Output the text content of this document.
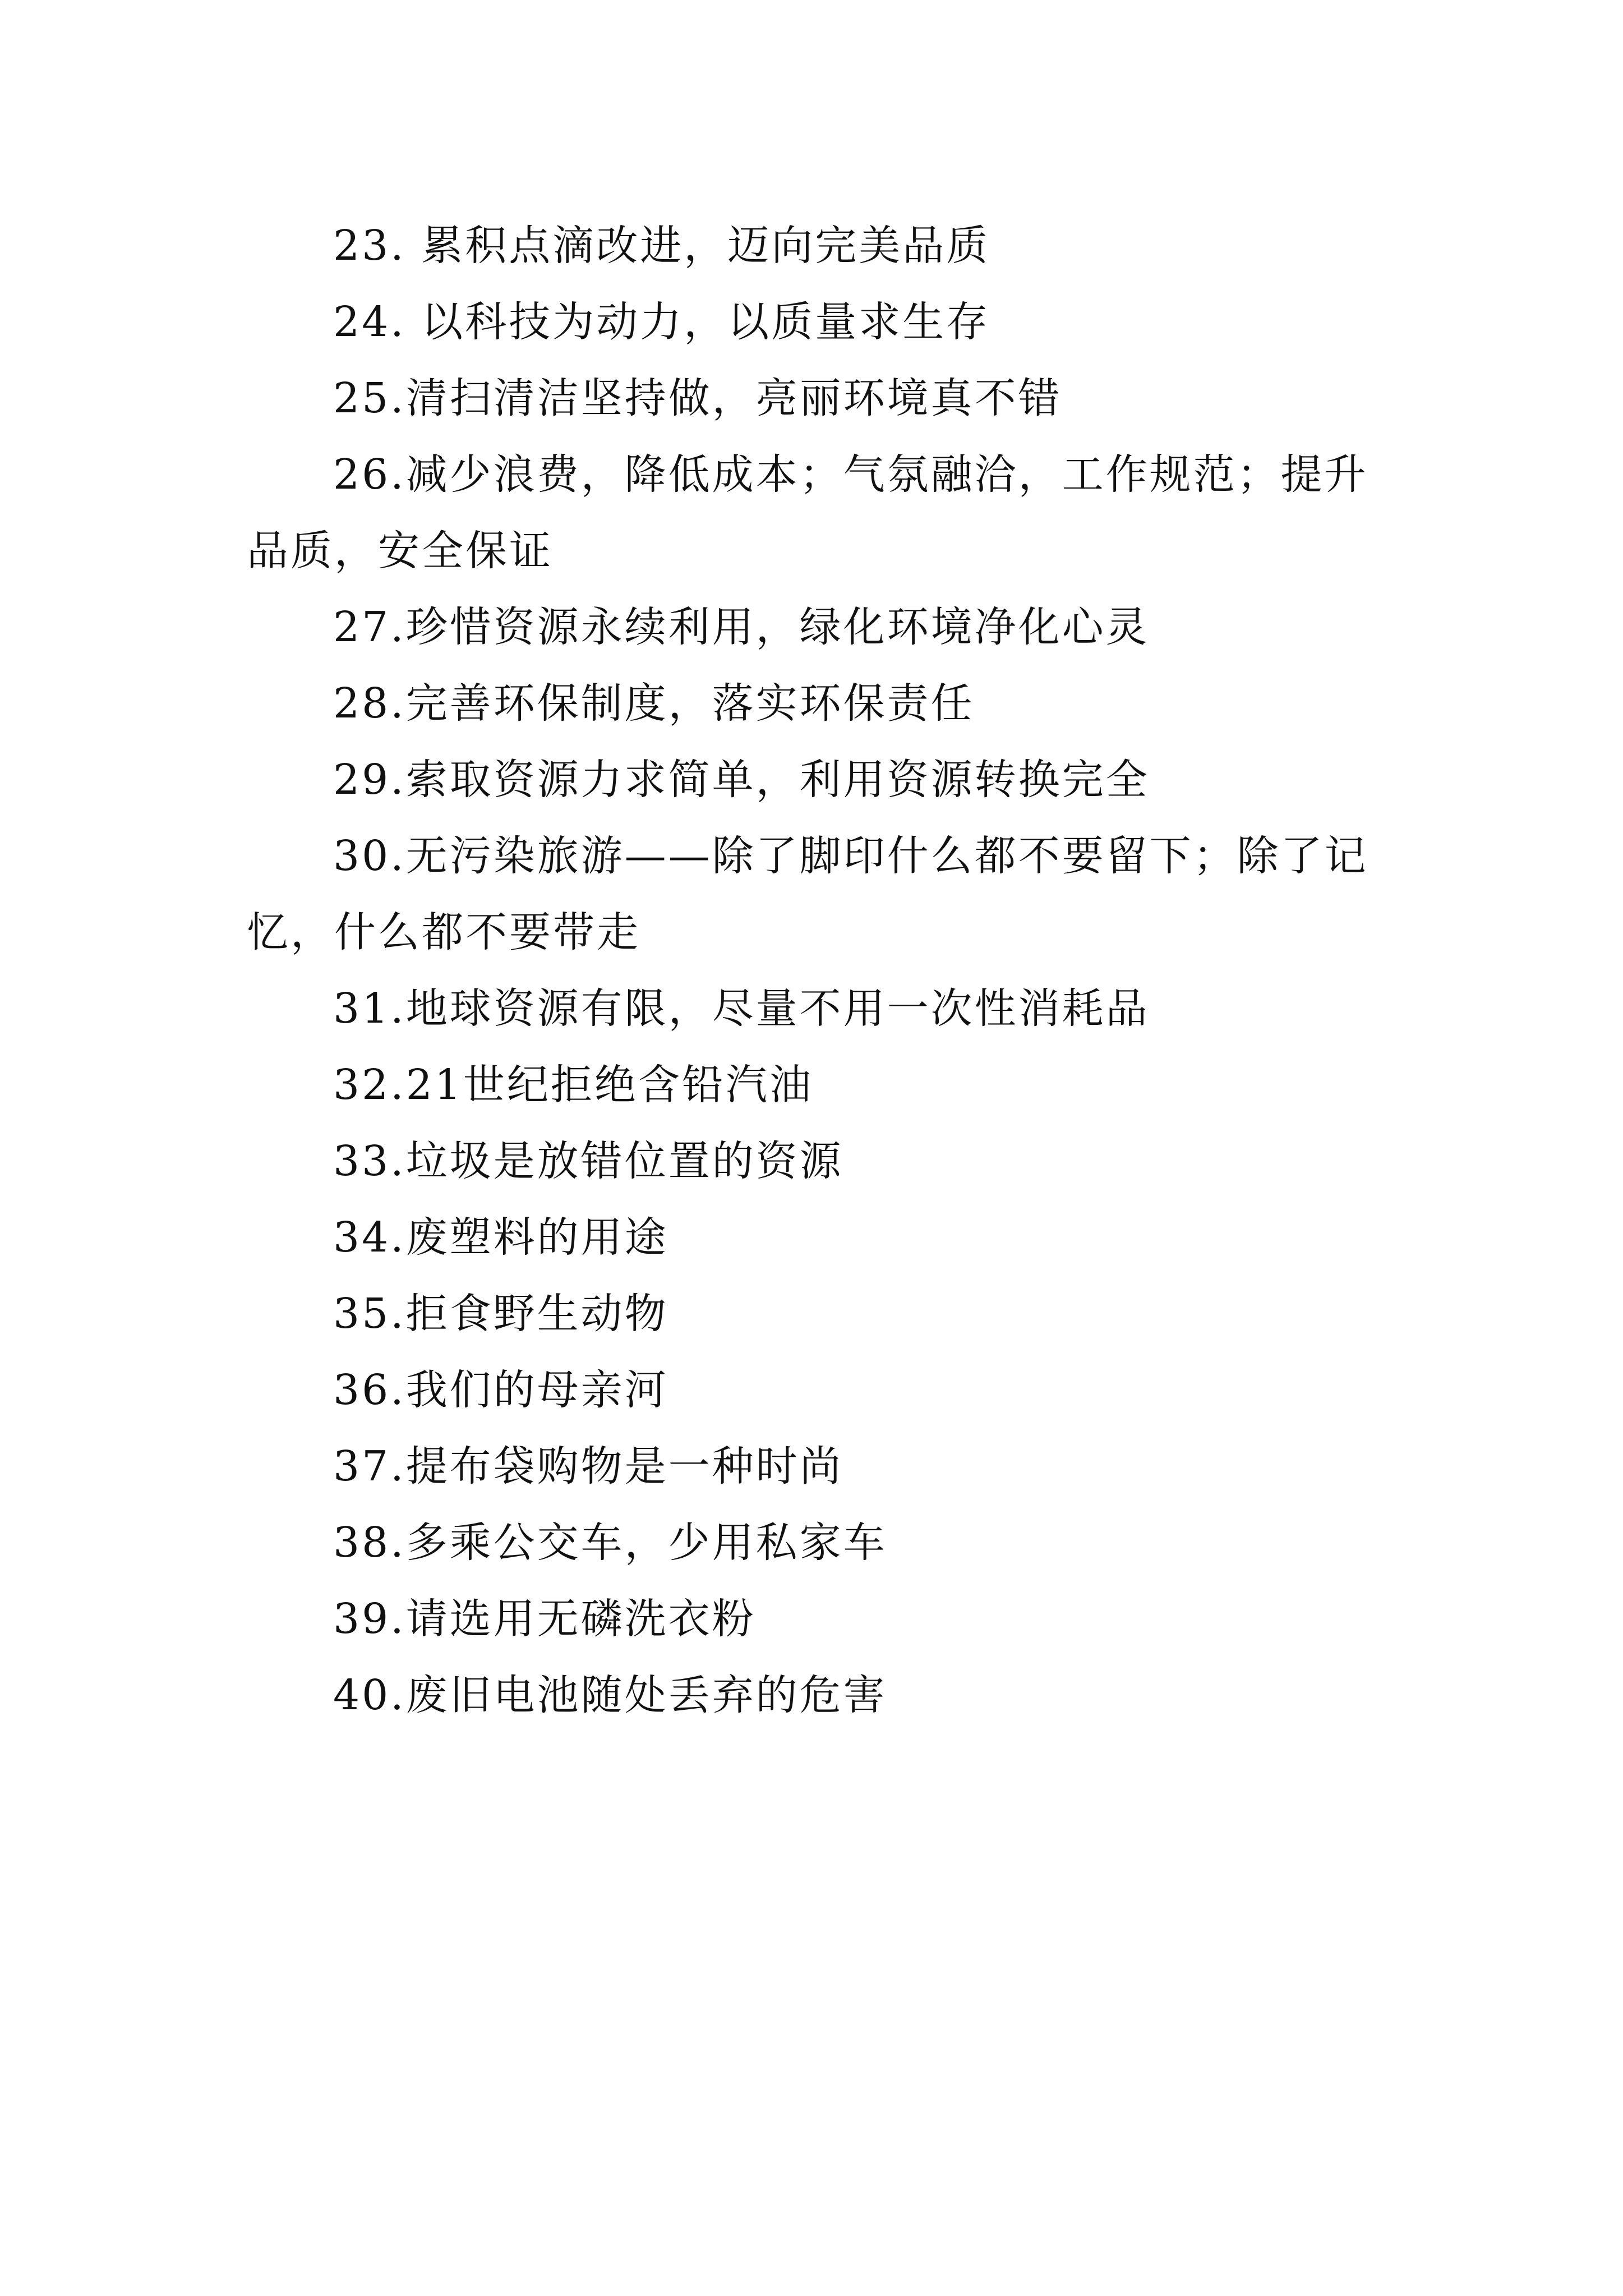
23. 累积点滴改进，迈向完美品质

24. 以科技为动力，以质量求生存

25.清扫清洁坚持做，亮丽环境真不错

26.减少浪费，降低成本；气氛融洽，工作规范；提升品质，安全保证

27.珍惜资源永续利用，绿化环境净化心灵

28.完善环保制度，落实环保责任

29.索取资源力求简单，利用资源转换完全

30.无污染旅游——除了脚印什么都不要留下；除了记忆，什么都不要带走

31.地球资源有限，尽量不用一次性消耗品

32.21世纪拒绝含铅汽油

33.垃圾是放错位置的资源

34.废塑料的用途

35.拒食野生动物

36.我们的母亲河

37.提布袋购物是一种时尚

38.多乘公交车，少用私家车

39.请选用无磷洗衣粉

40.废旧电池随处丢弃的危害
